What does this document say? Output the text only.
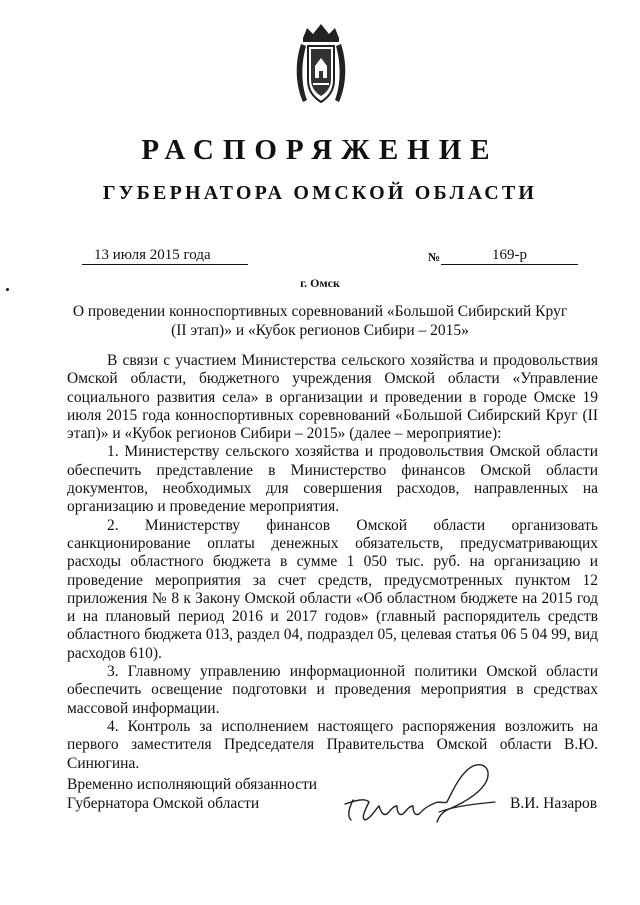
РАСПОРЯЖЕНИЕ
ГУБЕРНАТОРА ОМСКОЙ ОБЛАСТИ
13 июля 2015 года	№	169-р
г. Омск
О проведении конноспортивных соревнований «Большой Сибирский Круг
(II этап)» и «Кубок регионов Сибири – 2015»

В связи с участием Министерства сельского хозяйства и продовольствия Омской области, бюджетного учреждения Омской области «Управление социального развития села» в организации и проведении в городе Омске 19 июля 2015 года конноспортивных соревнований «Большой Сибирский Круг (II этап)» и «Кубок регионов Сибири – 2015» (далее – мероприятие):

1. Министерству сельского хозяйства и продовольствия Омской области обеспечить представление в Министерство финансов Омской области документов, необходимых для совершения расходов, направленных на организацию и проведение мероприятия.

2. Министерству финансов Омской области организовать санкционирование оплаты денежных обязательств, предусматривающих расходы областного бюджета в сумме 1 050 тыс. руб. на организацию и проведение мероприятия за счет средств, предусмотренных пунктом 12 приложения № 8 к Закону Омской области «Об областном бюджете на 2015 год и на плановый период 2016 и 2017 годов» (главный распорядитель средств областного бюджета 013, раздел 04, подраздел 05, целевая статья 06 5 04 99, вид расходов 610).

3. Главному управлению информационной политики Омской области обеспечить освещение подготовки и проведения мероприятия в средствах массовой информации.

4. Контроль за исполнением настоящего распоряжения возложить на первого заместителя Председателя Правительства Омской области В.Ю. Синюгина.

Временно исполняющий обязанности
Губернатора Омской области	В.И. Назаров
